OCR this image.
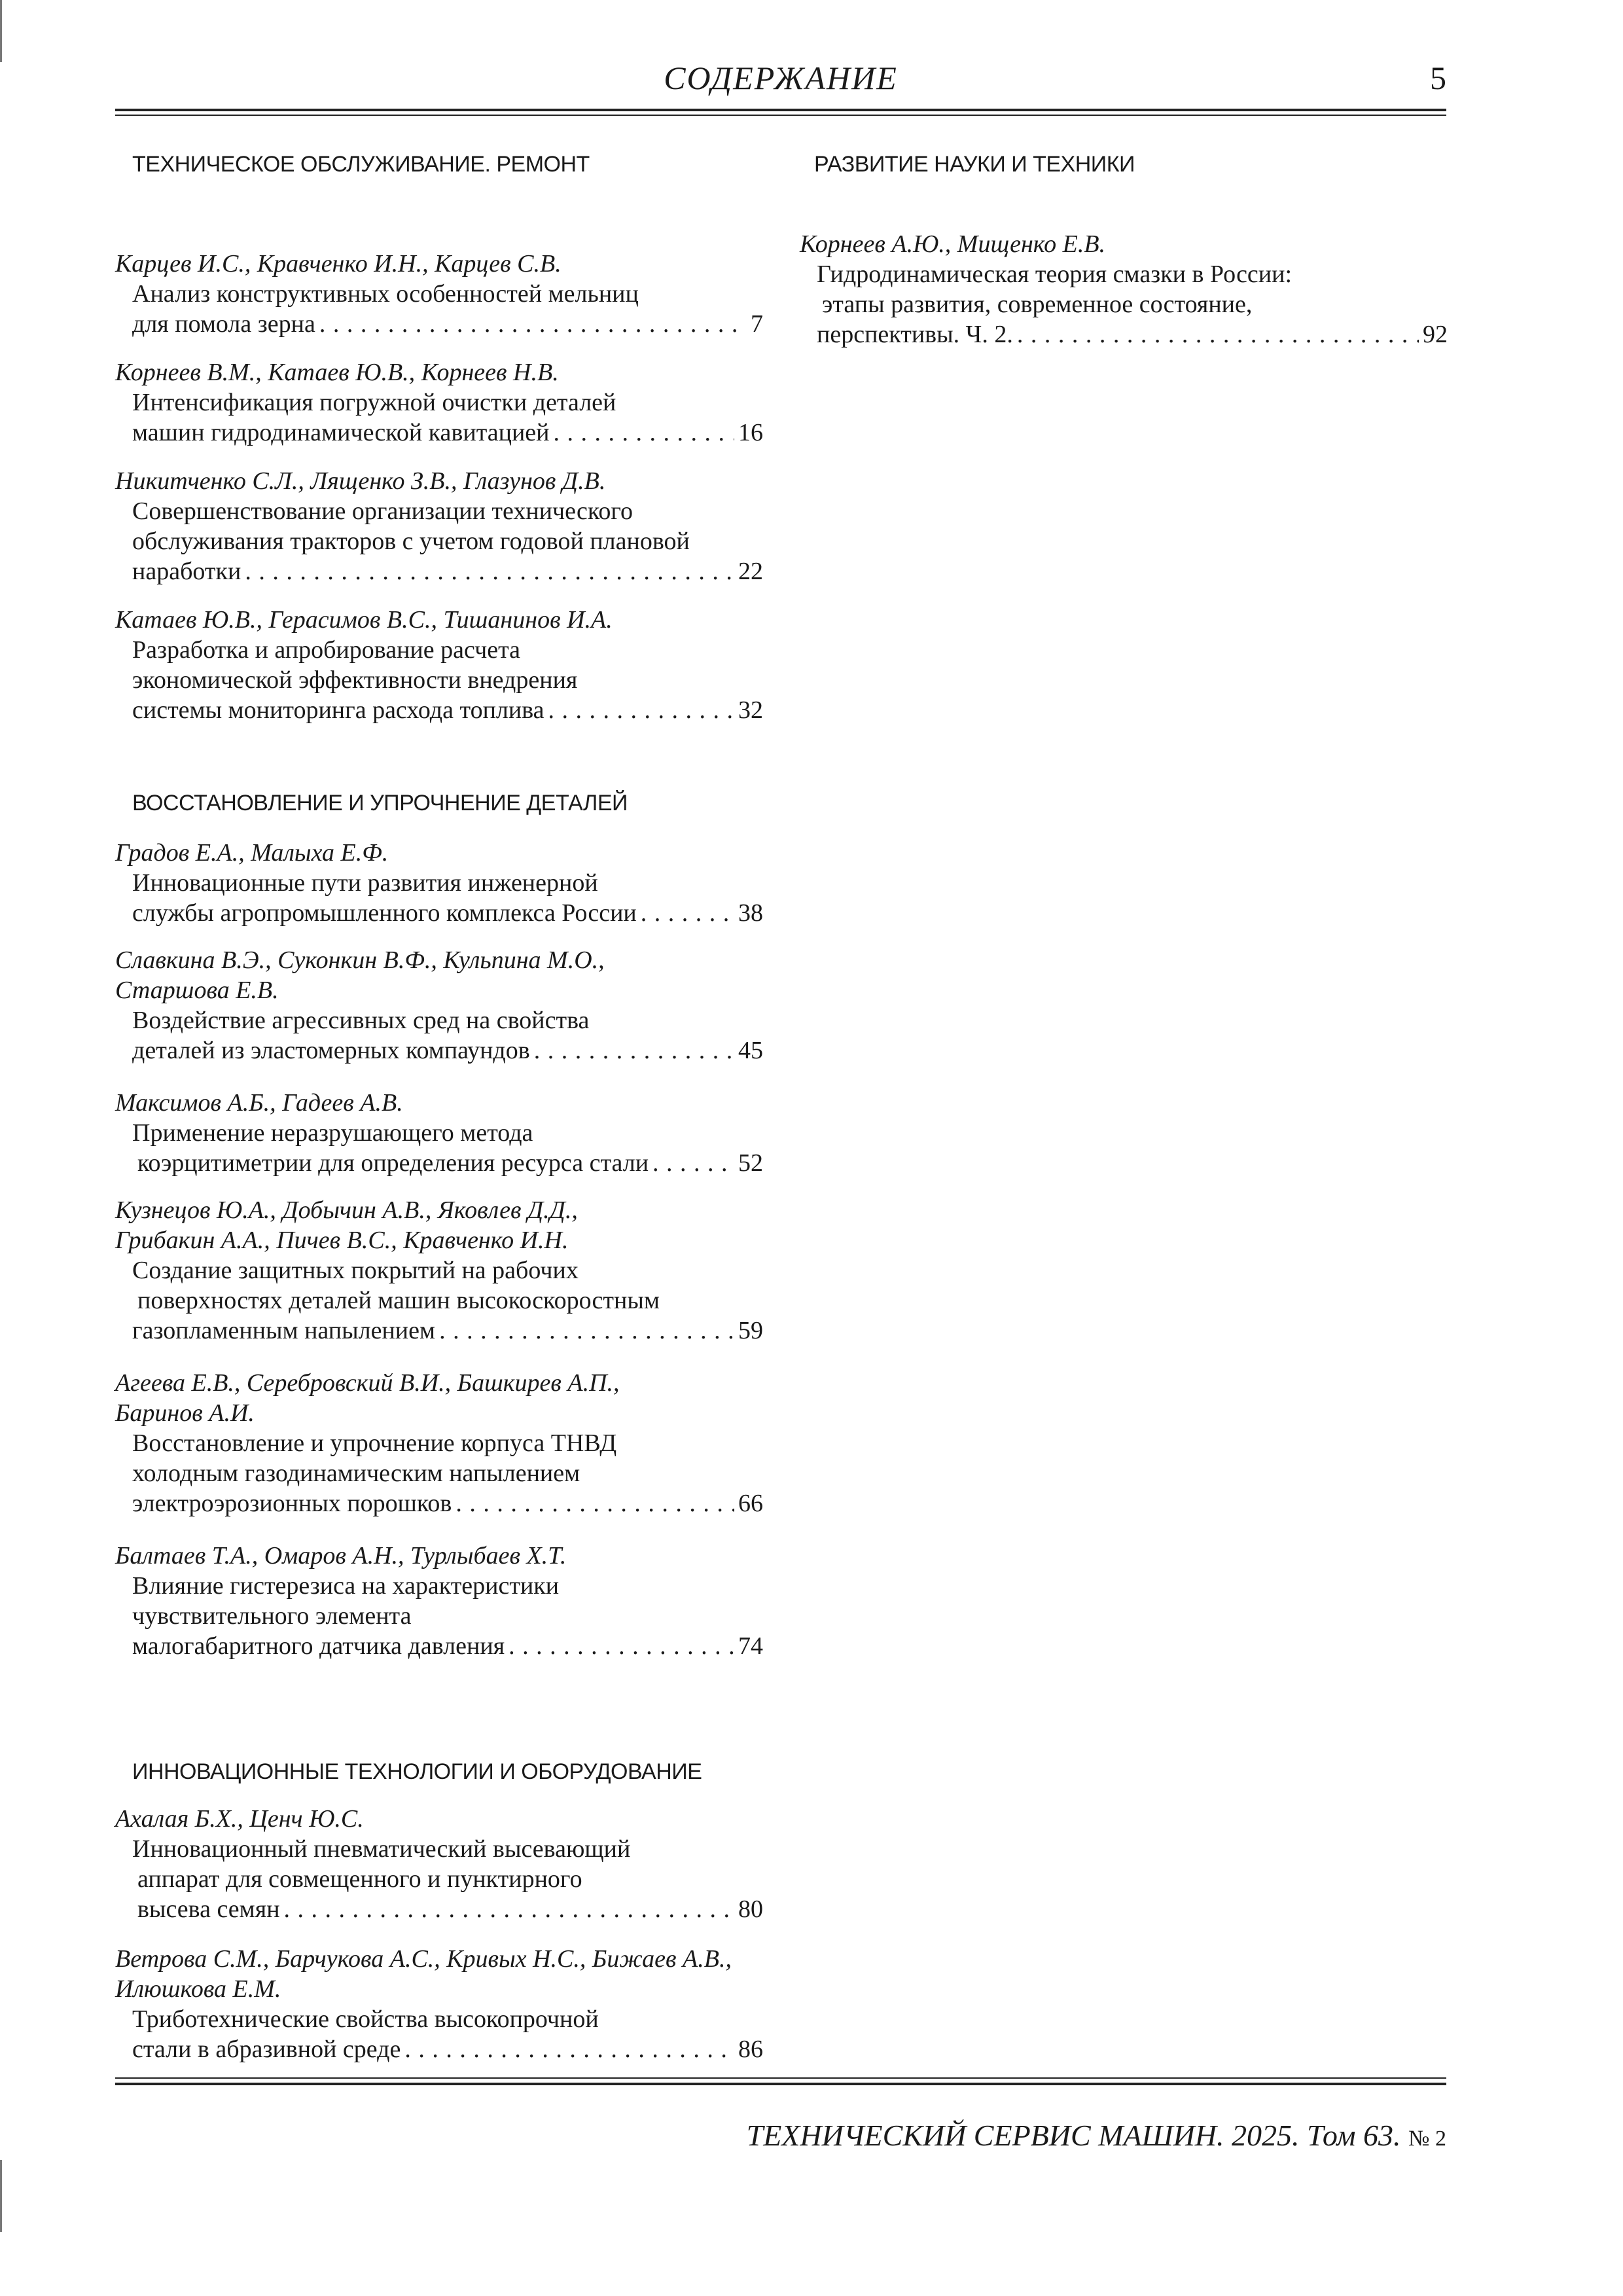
СОДЕРЖАНИЕ	5
ТЕХНИЧЕСКОЕ ОБСЛУЖИВАНИЕ. РЕМОНТ
ВОССТАНОВЛЕНИЕ И УПРОЧНЕНИЕ ДЕТАЛЕЙ
ИННОВАЦИОННЫЕ ТЕХНОЛОГИИ И ОБОРУДОВАНИЕ
РАЗВИТИЕ НАУКИ И ТЕХНИКИ
Карцев И.С., Кравченко И.Н., Карцев С.В.
Анализ конструктивных особенностей мельниц
для помола зерна . . .	7
Корнеев В.М., Катаев Ю.В., Корнеев Н.В.
Интенсификация погружной очистки деталей
машин гидродинамической кавитацией . . .	16
Никитченко С.Л., Лященко З.В., Глазунов Д.В.
Совершенствование организации технического
обслуживания тракторов с учетом годовой плановой
наработки . . .	22
Катаев Ю.В., Герасимов В.С., Тишанинов И.А.
Разработка и апробирование расчета
экономической эффективности внедрения
системы мониторинга расхода топлива . . .	32
Градов Е.А., Малыха Е.Ф.
Инновационные пути развития инженерной
службы агропромышленного комплекса России . . .	38
Славкина В.Э., Суконкин В.Ф., Кульпина М.О.,
Старшова Е.В.
Воздействие агрессивных сред на свойства
деталей из эластомерных компаундов . . .	45
Максимов А.Б., Гадеев А.В.
Применение неразрушающего метода
коэрцитиметрии для определения ресурса стали . . .	52
Кузнецов Ю.А., Добычин А.В., Яковлев Д.Д.,
Грибакин А.А., Пичев В.С., Кравченко И.Н.
Создание защитных покрытий на рабочих
поверхностях деталей машин высокоскоростным
газопламенным напылением . . .	59
Агеева Е.В., Серебровский В.И., Башкирев А.П.,
Баринов А.И.
Восстановление и упрочнение корпуса ТНВД
холодным газодинамическим напылением
электроэрозионных порошков . . .	66
Балтаев Т.А., Омаров А.Н., Турлыбаев Х.Т.
Влияние гистерезиса на характеристики
чувствительного элемента
малогабаритного датчика давления . . .	74
Ахалая Б.Х., Ценч Ю.С.
Инновационный пневматический высевающий
аппарат для совмещенного и пунктирного
высева семян . . .	80
Ветрова С.М., Барчукова А.С., Кривых Н.С., Бижаев А.В.,
Илюшкова Е.М.
Триботехнические свойства высокопрочной
стали в абразивной среде . . .	86
Корнеев А.Ю., Мищенко Е.В.
Гидродинамическая теория смазки в России:
этапы развития, современное состояние,
перспективы. Ч. 2. . . .	92
ТЕХНИЧЕСКИЙ СЕРВИС МАШИН. 2025. Том 63. № 2
